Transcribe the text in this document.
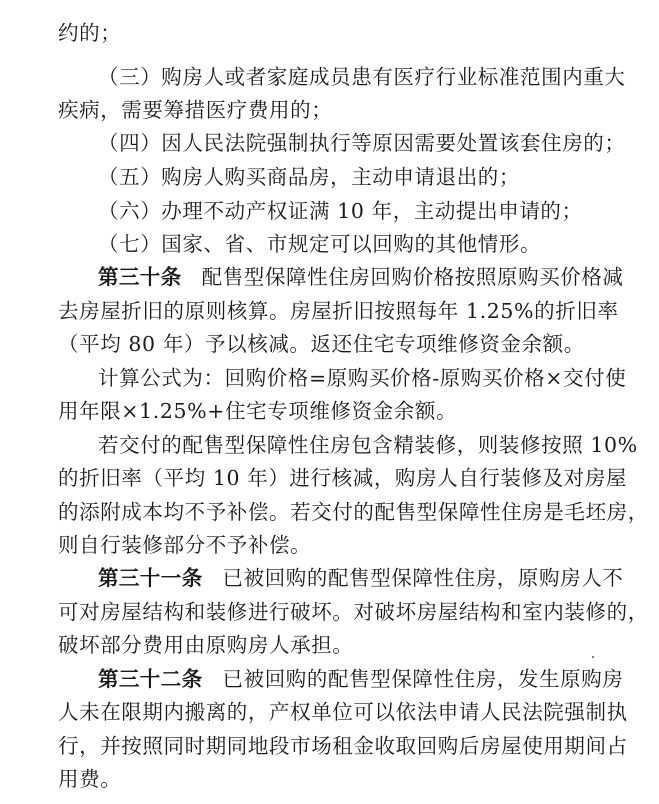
约的；
（三）购房人或者家庭成员患有医疗行业标准范围内重大
疾病，需要筹措医疗费用的；
（四）因人民法院强制执行等原因需要处置该套住房的；
（五）购房人购买商品房，主动申请退出的；
（六）办理不动产权证满 10 年，主动提出申请的；
（七）国家、省、市规定可以回购的其他情形。
第三十条 配售型保障性住房回购价格按照原购买价格减
去房屋折旧的原则核算。房屋折旧按照每年 1.25%的折旧率
（平均 80 年）予以核减。返还住宅专项维修资金余额。
计算公式为：回购价格=原购买价格-原购买价格×交付使
用年限×1.25%+住宅专项维修资金余额。
若交付的配售型保障性住房包含精装修，则装修按照 10%
的折旧率（平均 10 年）进行核减，购房人自行装修及对房屋
的添附成本均不予补偿。若交付的配售型保障性住房是毛坯房，
则自行装修部分不予补偿。
第三十一条 已被回购的配售型保障性住房，原购房人不
可对房屋结构和装修进行破坏。对破坏房屋结构和室内装修的，
破坏部分费用由原购房人承担。
第三十二条 已被回购的配售型保障性住房，发生原购房
人未在限期内搬离的，产权单位可以依法申请人民法院强制执
行，并按照同时期同地段市场租金收取回购后房屋使用期间占
用费。
